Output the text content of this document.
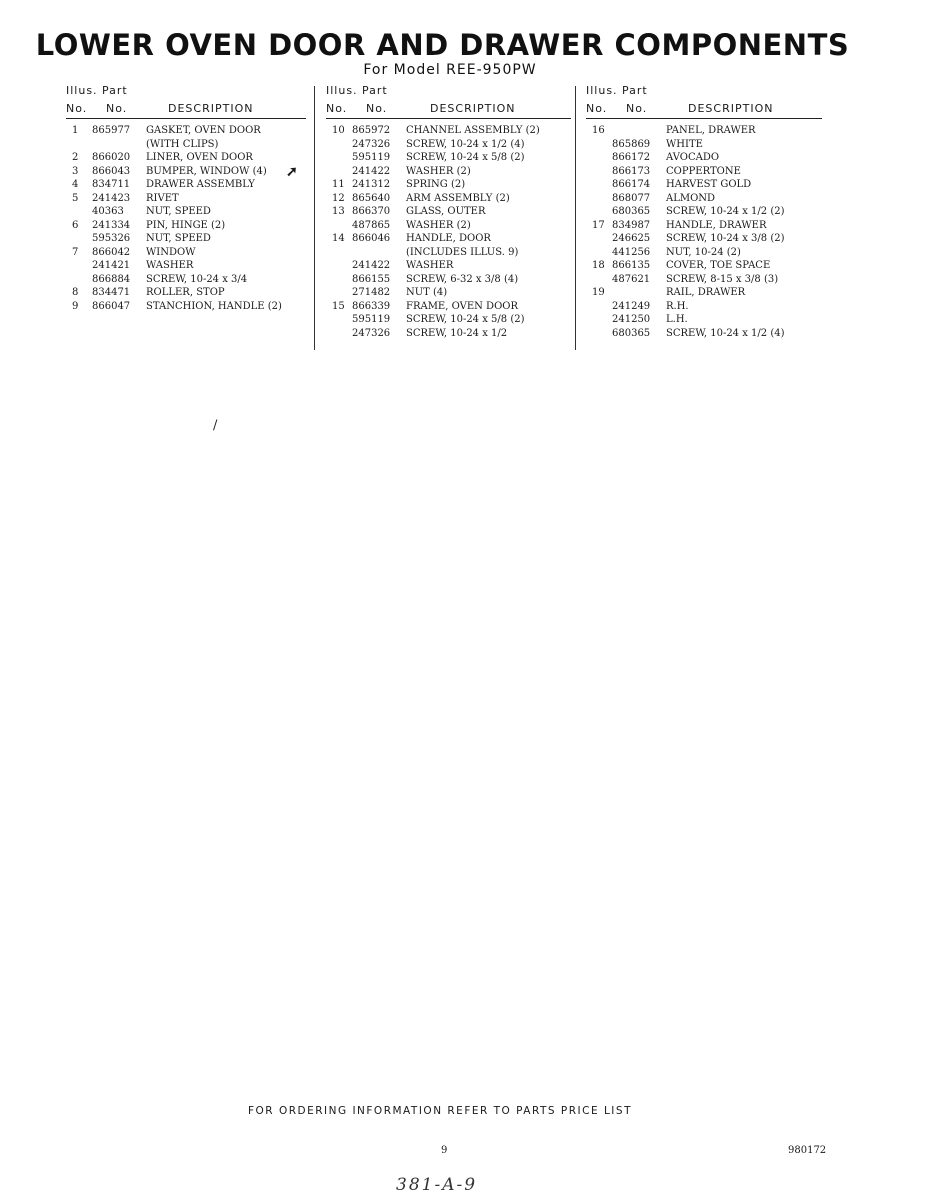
LOWER OVEN DOOR AND DRAWER COMPONENTS
For Model REE-950PW
Illus. Part
No. No.	DESCRIPTION
1 865977 GASKET, OVEN DOOR
(WITH CLIPS)
2 866020 LINER, OVEN DOOR
3 866043 BUMPER, WINDOW (4)
4 834711 DRAWER ASSEMBLY
5 241423 RIVET
40363 NUT, SPEED
6 241334 PIN, HINGE (2)
595326 NUT, SPEED
7 866042 WINDOW
241421 WASHER
866884 SCREW, 10-24 x 3/4
8 834471 ROLLER, STOP
9 866047 STANCHION, HANDLE (2)
Illus. Part
No. No.	DESCRIPTION
10 865972 CHANNEL ASSEMBLY (2)
247326 SCREW, 10-24 x 1/2 (4)
595119 SCREW, 10-24 x 5/8 (2)
241422 WASHER (2)
11 241312 SPRING (2)
12 865640 ARM ASSEMBLY (2)
13 866370 GLASS, OUTER
487865 WASHER (2)
14 866046 HANDLE, DOOR
(INCLUDES ILLUS. 9)
241422 WASHER
866155 SCREW, 6-32 x 3/8 (4)
271482 NUT (4)
15 866339 FRAME, OVEN DOOR
595119 SCREW, 10-24 x 5/8 (2)
247326 SCREW, 10-24 x 1/2
Illus. Part
No. No.	DESCRIPTION
16	PANEL, DRAWER
865869 WHITE
866172 AVOCADO
866173 COPPERTONE
866174 HARVEST GOLD
868077 ALMOND
680365 SCREW, 10-24 x 1/2 (2)
17 834987 HANDLE, DRAWER
246625 SCREW, 10-24 x 3/8 (2)
441256 NUT, 10-24 (2)
18 866135 COVER, TOE SPACE
487621 SCREW, 8-15 x 3/8 (3)
19	RAIL, DRAWER
241249 R.H.
241250 L.H.
680365 SCREW, 10-24 x 1/2 (4)
➚
/
FOR ORDERING INFORMATION REFER TO PARTS PRICE LIST
9	980172
381-A-9
